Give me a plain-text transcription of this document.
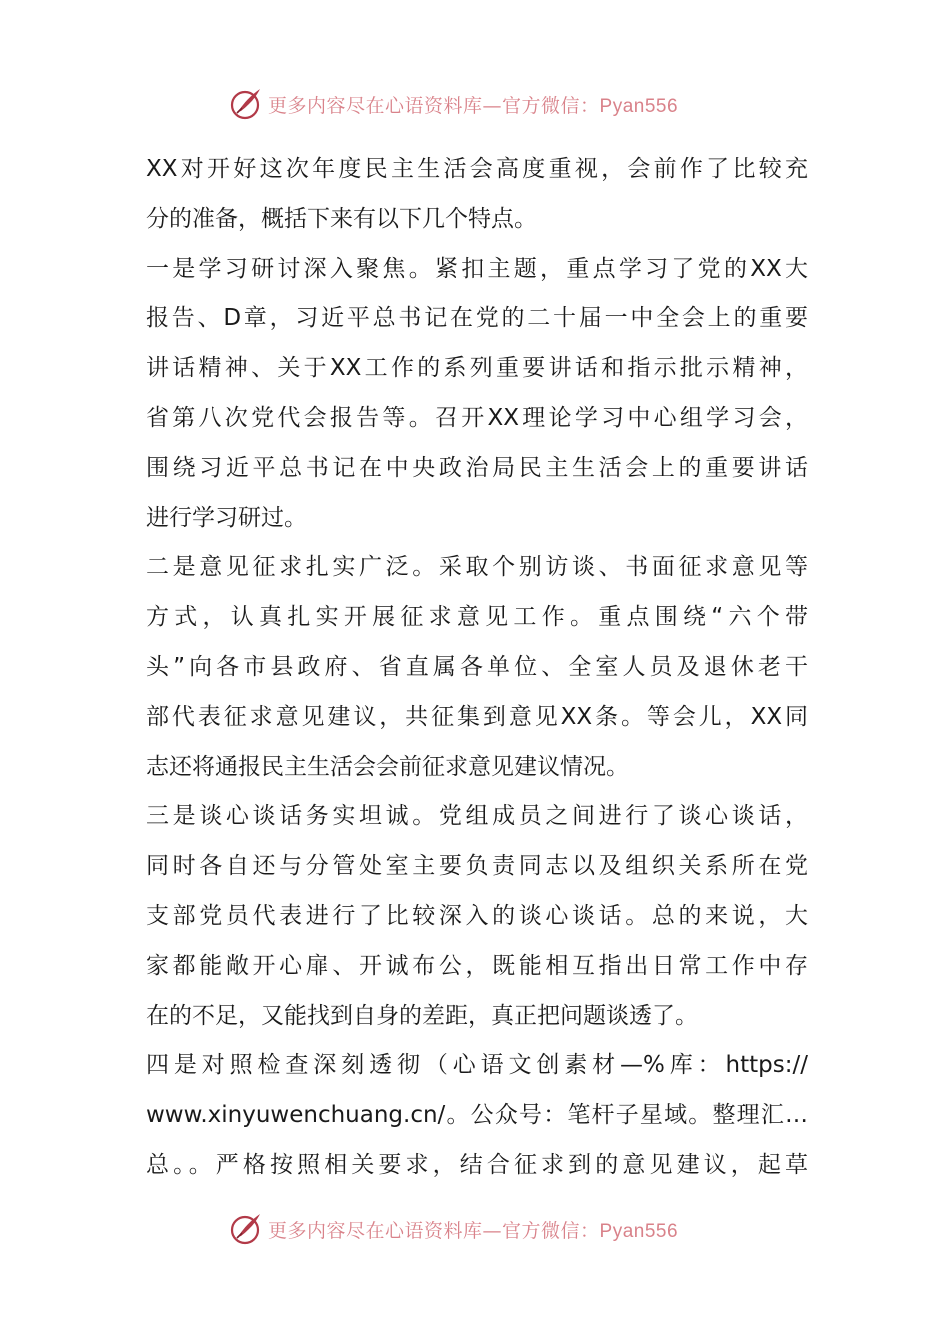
更多内容尽在心语资料库—官方微信：Pyan556
XX对开好这次年度民主生活会高度重视，会前作了比较充
分的准备，概括下来有以下几个特点。
一是学习研讨深入聚焦。紧扣主题，重点学习了党的XX大
报告、D章，习近平总书记在党的二十届一中全会上的重要
讲话精神、关于XX工作的系列重要讲话和指示批示精神，
省第八次党代会报告等。召开XX理论学习中心组学习会，
围绕习近平总书记在中央政治局民主生活会上的重要讲话
进行学习研过。
二是意见征求扎实广泛。采取个别访谈、书面征求意见等
方式，认真扎实开展征求意见工作。重点围绕“六个带
头”向各市县政府、省直属各单位、全室人员及退休老干
部代表征求意见建议，共征集到意见XX条。等会儿，XX同
志还将通报民主生活会会前征求意见建议情况。
三是谈心谈话务实坦诚。党组成员之间进行了谈心谈话，
同时各自还与分管处室主要负责同志以及组织关系所在党
支部党员代表进行了比较深入的谈心谈话。总的来说，大
家都能敞开心扉、开诚布公，既能相互指出日常工作中存
在的不足，又能找到自身的差距，真正把问题谈透了。
四是对照检查深刻透彻（心语文创素材—%库：https://
www.xinyuwenchuang.cn/。公众号：笔杆子星域。整理汇…
总。。严格按照相关要求，结合征求到的意见建议，起草
更多内容尽在心语资料库—官方微信：Pyan556
